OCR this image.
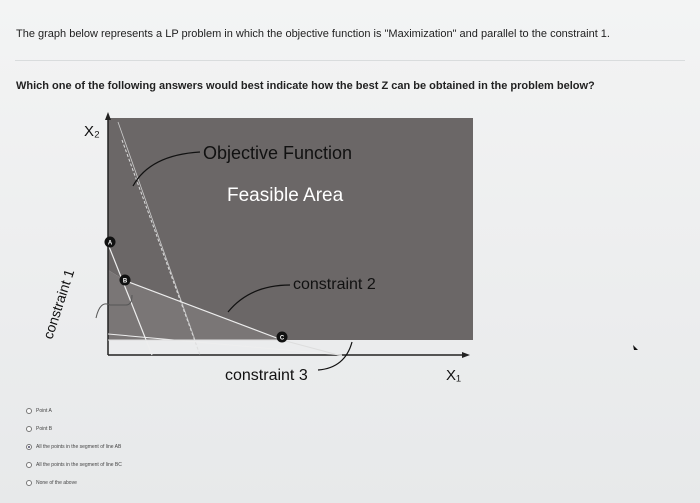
The graph below represents a LP problem in which the objective function is "Maximization" and parallel to the constraint 1.
Which one of the following answers would best indicate how the best Z can be obtained in the problem below?
A
B
C
X₂
X₁
Objective Function
Feasible Area
constraint 2
constraint 3
constraint 1
Point A
Point B
All the points in the segment of line AB
All the points in the segment of line BC
None of the above
